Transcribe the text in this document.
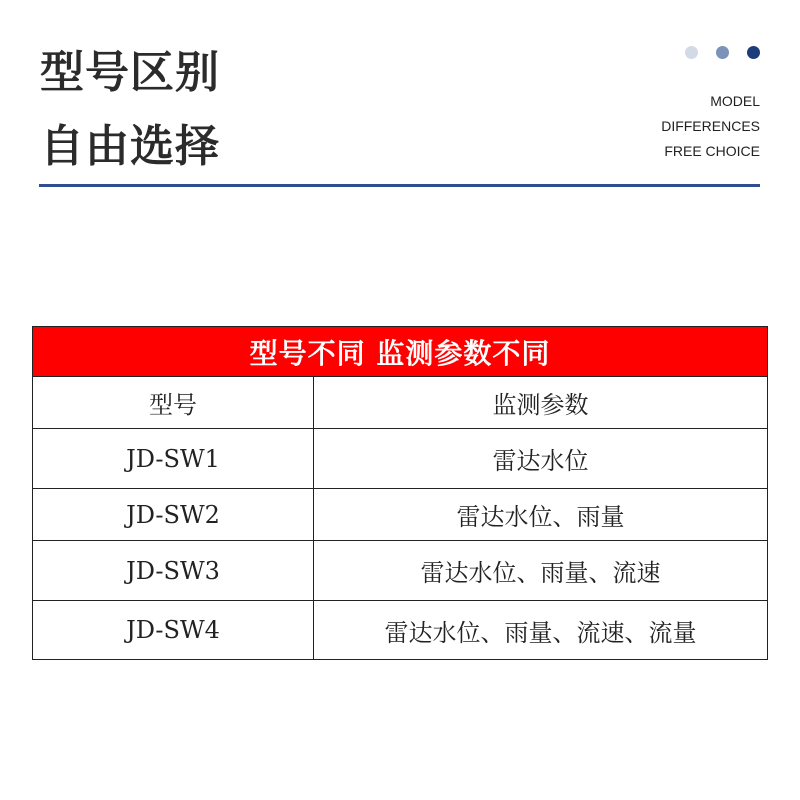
型号区别
自由选择
MODEL
DIFFERENCES
FREE CHOICE
型号不同 监测参数不同	
型号	监测参数
JD-SW1	雷达水位
JD-SW2	雷达水位、雨量
JD-SW3	雷达水位、雨量、流速
JD-SW4	雷达水位、雨量、流速、流量
